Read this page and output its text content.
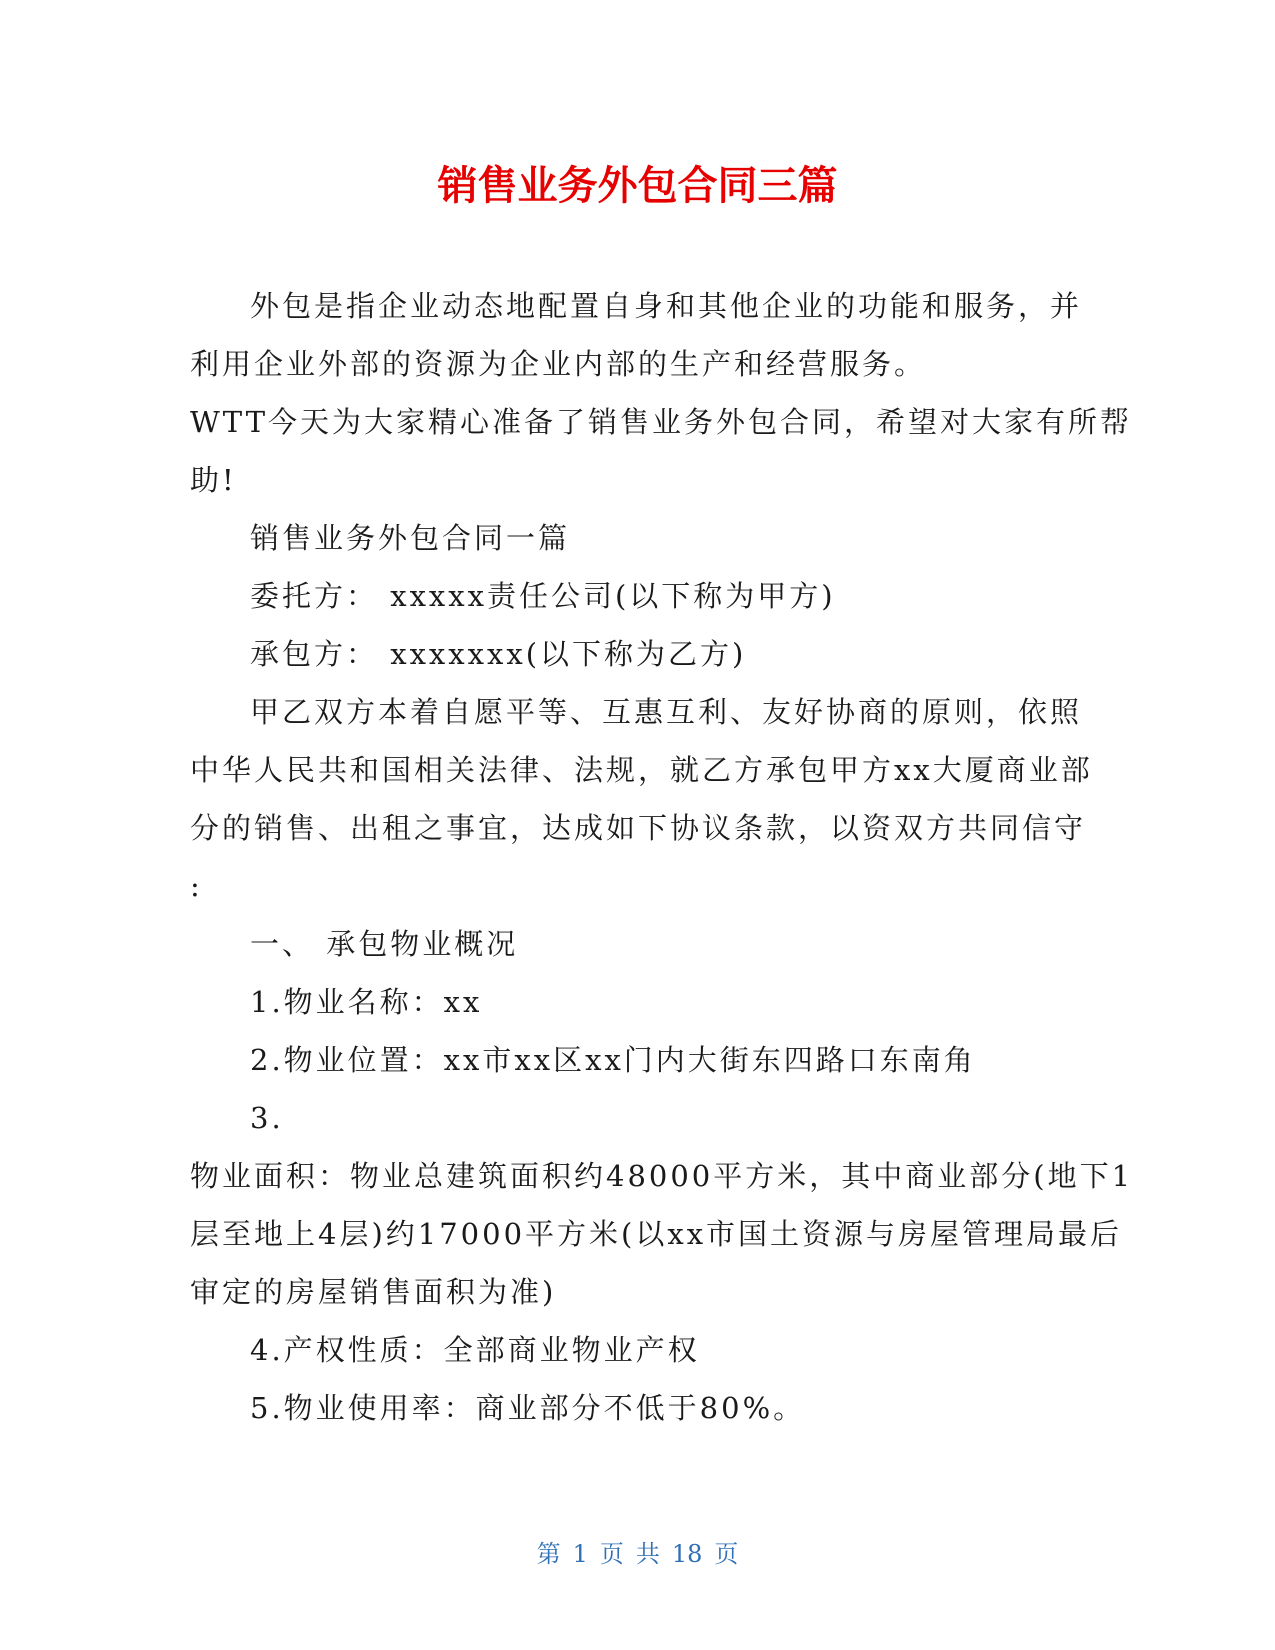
销售业务外包合同三篇
外包是指企业动态地配置自身和其他企业的功能和服务，并
利用企业外部的资源为企业内部的生产和经营服务。
WTT今天为大家精心准备了销售业务外包合同，希望对大家有所帮
助!
销售业务外包合同一篇
委托方： xxxxx责任公司(以下称为甲方)
承包方： xxxxxxx(以下称为乙方)
甲乙双方本着自愿平等、互惠互利、友好协商的原则，依照
中华人民共和国相关法律、法规，就乙方承包甲方xx大厦商业部
分的销售、出租之事宜，达成如下协议条款，以资双方共同信守
:
一、 承包物业概况
1.物业名称：xx
2.物业位置：xx市xx区xx门内大街东四路口东南角
3.
物业面积：物业总建筑面积约48000平方米，其中商业部分(地下1
层至地上4层)约17000平方米(以xx市国土资源与房屋管理局最后
审定的房屋销售面积为准)
4.产权性质：全部商业物业产权
5.物业使用率：商业部分不低于80%。
第 1 页 共 18 页
